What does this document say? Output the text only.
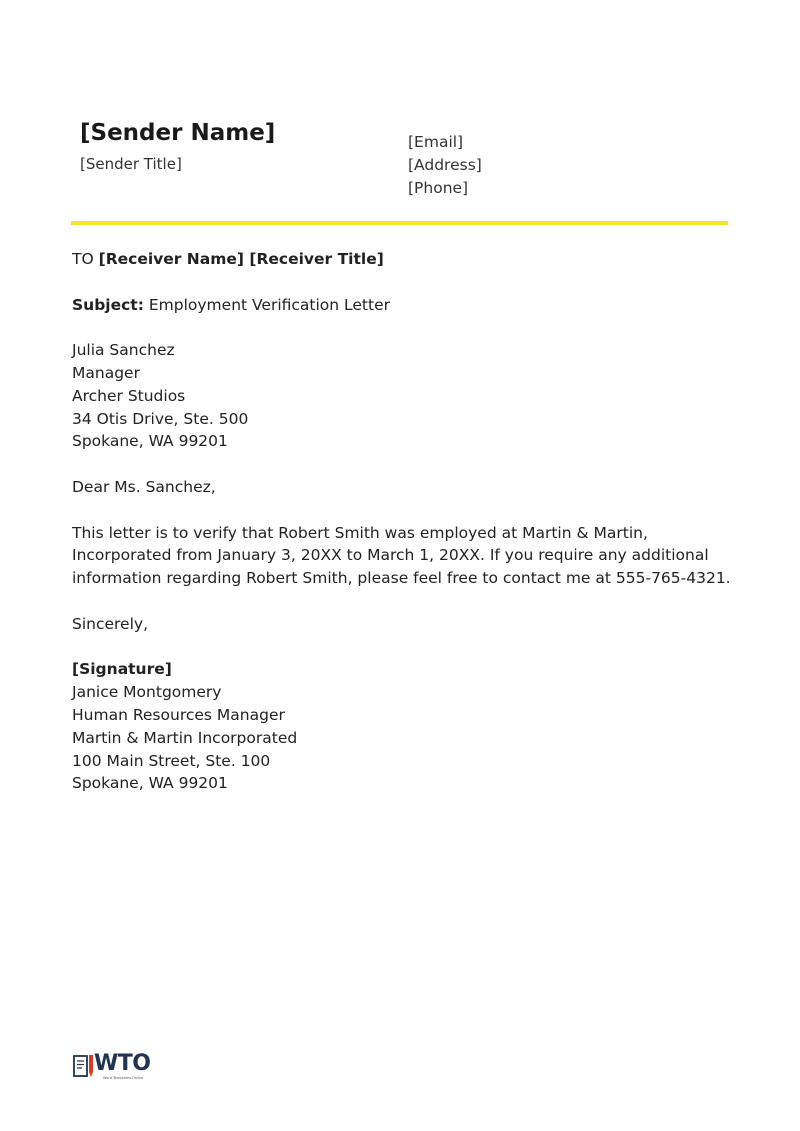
[Sender Name]
[Sender Title]
[Email]
[Address]
[Phone]
TO [Receiver Name] [Receiver Title]
Subject: Employment Verification Letter
Julia Sanchez
Manager
Archer Studios
34 Otis Drive, Ste. 500
Spokane, WA 99201
Dear Ms. Sanchez,
This letter is to verify that Robert Smith was employed at Martin & Martin,
Incorporated from January 3, 20XX to March 1, 20XX. If you require any additional
information regarding Robert Smith, please feel free to contact me at 555-765-4321.
Sincerely,
[Signature]
Janice Montgomery
Human Resources Manager
Martin & Martin Incorporated
100 Main Street, Ste. 100
Spokane, WA 99201
WTO
Word Templates Online
